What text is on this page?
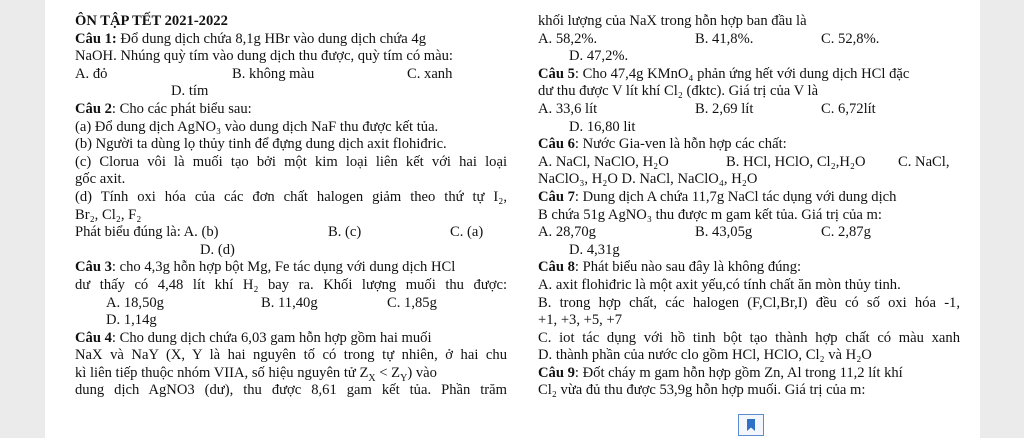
ÔN TẬP TẾT 2021-2022
Câu 1: Đổ dung dịch chứa 8,1g HBr vào dung dịch chứa 4g
NaOH. Nhúng quỳ tím vào dung dịch thu được, quỳ tím có màu:
A. đỏ	B. không màu	C. xanh
D. tím
Câu 2: Cho các phát biểu sau:
(a) Đổ dung dịch AgNO₃ vào dung dịch NaF thu được kết tủa.
(b) Người ta dùng lọ thủy tinh để đựng dung dịch axit flohiđric.
(c) Clorua vôi là muối tạo bởi một kim loại liên kết với hai loại
gốc axit.
(d) Tính oxi hóa của các đơn chất halogen giảm theo thứ tự I₂,
Br₂, Cl₂, F₂
Phát biểu đúng là: A. (b)	B. (c)	C. (a)
D. (d)
Câu 3: cho 4,3g hỗn hợp bột Mg, Fe tác dụng với dung dịch HCl
dư thấy có 4,48 lít khí H₂ bay ra. Khối lượng muối thu được:
A. 18,50g	B. 11,40g	C. 1,85g
D. 1,14g
Câu 4: Cho dung dịch chứa 6,03 gam hỗn hợp gồm hai muối
NaX và NaY (X, Y là hai nguyên tố có trong tự nhiên, ở hai chu
kì liên tiếp thuộc nhóm VIIA, số hiệu nguyên tử $Z_X < Z_Y$) vào
dung dịch AgNO3 (dư), thu được 8,61 gam kết tủa. Phần trăm
khối lượng của NaX trong hỗn hợp ban đầu là
A. 58,2%.	B. 41,8%.	C. 52,8%.
D. 47,2%.
Câu 5: Cho 47,4g KMnO₄ phản ứng hết với dung dịch HCl đặc
dư thu được V lít khí Cl₂ (đktc). Giá trị của V là
A. 33,6 lít	B. 2,69 lít	C. 6,72lít
D. 16,80 lit
Câu 6: Nước Gia-ven là hỗn hợp các chất:
A. NaCl, NaClO, H₂O	B. HCl, HClO, Cl₂,H₂O C. NaCl,
NaClO₃, H₂O D. NaCl, NaClO₄, H₂O
Câu 7: Dung dịch A chứa 11,7g NaCl tác dụng với dung dịch
B chứa 51g AgNO₃ thu được m gam kết tủa. Giá trị của m:
A. 28,70g	B. 43,05g	C. 2,87g
D. 4,31g
Câu 8: Phát biểu nào sau đây là không đúng:
A. axit flohiđric là một axit yếu,có tính chất ăn mòn thủy tinh.
B. trong hợp chất, các halogen (F,Cl,Br,I) đều có số oxi hóa -1,
+1, +3, +5, +7
C. iot tác dụng với hồ tinh bột tạo thành hợp chất có màu xanh
D. thành phần của nước clo gồm HCl, HClO, Cl₂ và H₂O
Câu 9: Đốt cháy m gam hỗn hợp gồm Zn, Al trong 11,2 lít khí
Cl₂ vừa đủ thu được 53,9g hỗn hợp muối. Giá trị của m:
